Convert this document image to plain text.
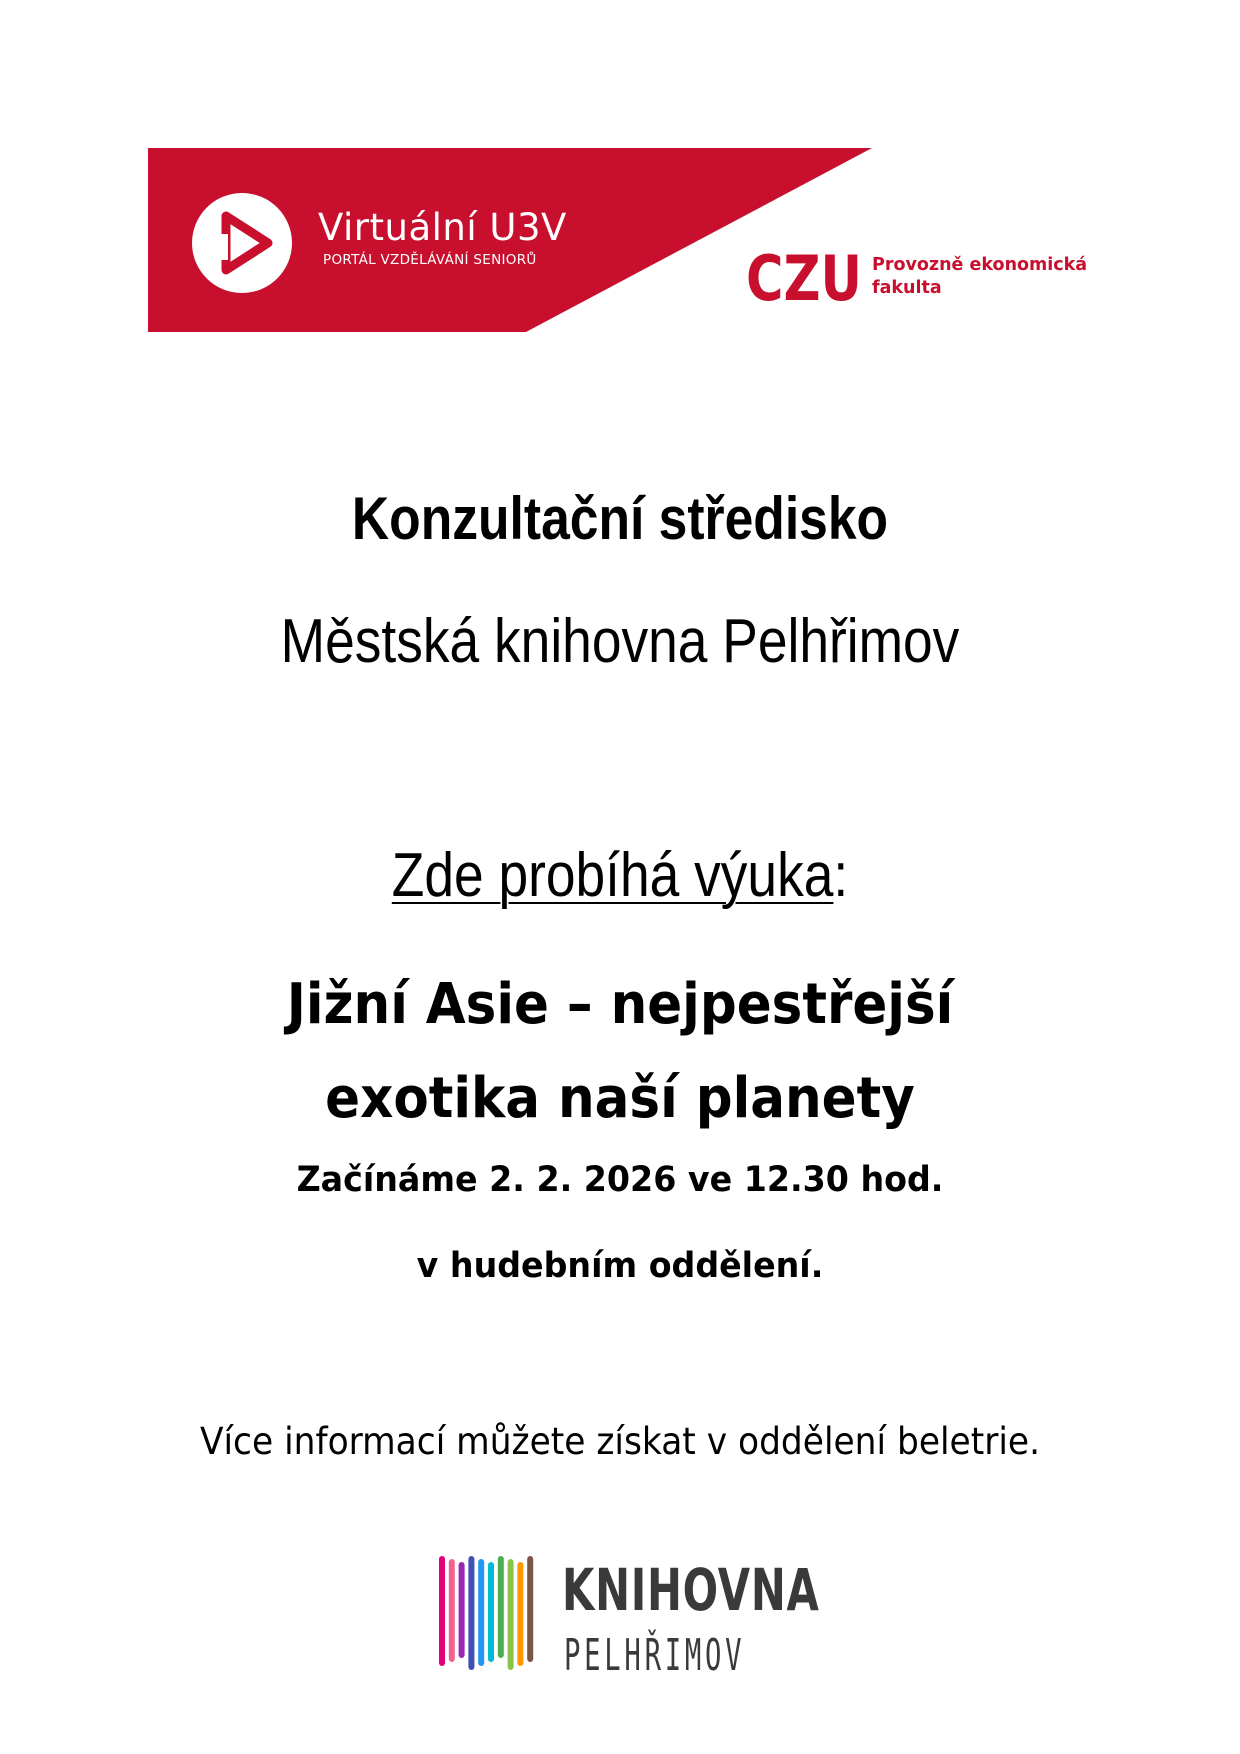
Virtuální U3V
PORTÁL VZDĚLÁVÁNÍ SENIORŮ	CZU Provozně ekonomická
fakulta
Konzultační středisko
Městská knihovna Pelhřimov
Zde probíhá výuka:
Jižní Asie – nejpestřejší
exotika naší planety
Začínáme 2. 2. 2026 ve 12.30 hod.
v hudebním oddělení.
Více informací můžete získat v oddělení beletrie.
KNIHOVNA
PELHŘIMOV
